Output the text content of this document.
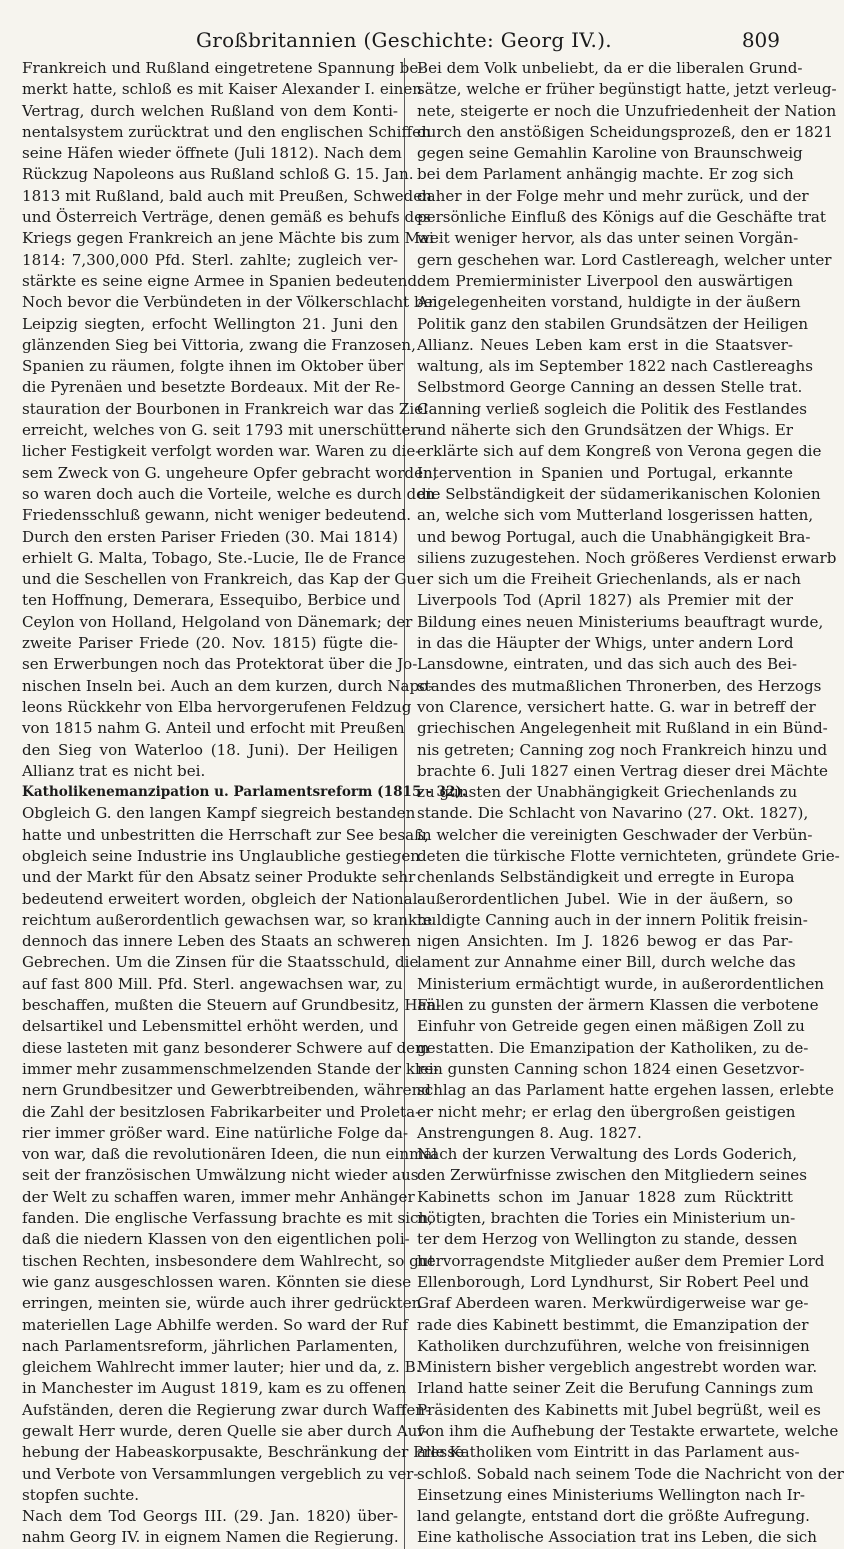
Großbritannien (Geschichte: Georg IV.).	809
Frankreich und Rußland eingetretene Spannung be-
merkt hatte, schloß es mit Kaiser Alexander I. einen
Vertrag, durch welchen Rußland von dem Konti-
nentalsystem zurücktrat und den englischen Schiffen
seine Häfen wieder öffnete (Juli 1812). Nach dem
Rückzug Napoleons aus Rußland schloß G. 15. Jan.
1813 mit Rußland, bald auch mit Preußen, Schweden
und Österreich Verträge, denen gemäß es behufs des
Kriegs gegen Frankreich an jene Mächte bis zum Mai
1814: 7,300,000 Pfd. Sterl. zahlte; zugleich ver-
stärkte es seine eigne Armee in Spanien bedeutend.
Noch bevor die Verbündeten in der Völkerschlacht bei
Leipzig siegten, erfocht Wellington 21. Juni den
glänzenden Sieg bei Vittoria, zwang die Franzosen,
Spanien zu räumen, folgte ihnen im Oktober über
die Pyrenäen und besetzte Bordeaux. Mit der Re-
stauration der Bourbonen in Frankreich war das Ziel
erreicht, welches von G. seit 1793 mit unerschütter-
licher Festigkeit verfolgt worden war. Waren zu die-
sem Zweck von G. ungeheure Opfer gebracht worden,
so waren doch auch die Vorteile, welche es durch den
Friedensschluß gewann, nicht weniger bedeutend.
Durch den ersten Pariser Frieden (30. Mai 1814)
erhielt G. Malta, Tobago, Ste.-Lucie, Ile de France
und die Seschellen von Frankreich, das Kap der Gu-
ten Hoffnung, Demerara, Essequibo, Berbice und
Ceylon von Holland, Helgoland von Dänemark; der
zweite Pariser Friede (20. Nov. 1815) fügte die-
sen Erwerbungen noch das Protektorat über die Jo-
nischen Inseln bei. Auch an dem kurzen, durch Napo-
leons Rückkehr von Elba hervorgerufenen Feldzug
von 1815 nahm G. Anteil und erfocht mit Preußen
den Sieg von Waterloo (18. Juni). Der Heiligen
Allianz trat es nicht bei.
Katholikenemanzipation u. Parlamentsreform (1815 - 32).
Obgleich G. den langen Kampf siegreich bestanden
hatte und unbestritten die Herrschaft zur See besaß,
obgleich seine Industrie ins Unglaubliche gestiegen
und der Markt für den Absatz seiner Produkte sehr
bedeutend erweitert worden, obgleich der National-
reichtum außerordentlich gewachsen war, so krankte
dennoch das innere Leben des Staats an schweren
Gebrechen. Um die Zinsen für die Staatsschuld, die
auf fast 800 Mill. Pfd. Sterl. angewachsen war, zu
beschaffen, mußten die Steuern auf Grundbesitz, Han-
delsartikel und Lebensmittel erhöht werden, und
diese lasteten mit ganz besonderer Schwere auf dem
immer mehr zusammenschmelzenden Stande der klei-
nern Grundbesitzer und Gewerbtreibenden, während
die Zahl der besitzlosen Fabrikarbeiter und Proleta-
rier immer größer ward. Eine natürliche Folge da-
von war, daß die revolutionären Ideen, die nun einmal
seit der französischen Umwälzung nicht wieder aus
der Welt zu schaffen waren, immer mehr Anhänger
fanden. Die englische Verfassung brachte es mit sich,
daß die niedern Klassen von den eigentlichen poli-
tischen Rechten, insbesondere dem Wahlrecht, so gut
wie ganz ausgeschlossen waren. Könnten sie diese
erringen, meinten sie, würde auch ihrer gedrückten
materiellen Lage Abhilfe werden. So ward der Ruf
nach Parlamentsreform, jährlichen Parlamenten,
gleichem Wahlrecht immer lauter; hier und da, z. B.
in Manchester im August 1819, kam es zu offenen
Aufständen, deren die Regierung zwar durch Waffen-
gewalt Herr wurde, deren Quelle sie aber durch Auf-
hebung der Habeaskorpusakte, Beschränkung der Presse
und Verbote von Versammlungen vergeblich zu ver-
stopfen suchte.
Nach dem Tod Georgs III. (29. Jan. 1820) über-
nahm Georg IV. in eignem Namen die Regierung.
Bei dem Volk unbeliebt, da er die liberalen Grund-
sätze, welche er früher begünstigt hatte, jetzt verleug-
nete, steigerte er noch die Unzufriedenheit der Nation
durch den anstößigen Scheidungsprozeß, den er 1821
gegen seine Gemahlin Karoline von Braunschweig
bei dem Parlament anhängig machte. Er zog sich
daher in der Folge mehr und mehr zurück, und der
persönliche Einfluß des Königs auf die Geschäfte trat
weit weniger hervor, als das unter seinen Vorgän-
gern geschehen war. Lord Castlereagh, welcher unter
dem Premierminister Liverpool den auswärtigen
Angelegenheiten vorstand, huldigte in der äußern
Politik ganz den stabilen Grundsätzen der Heiligen
Allianz. Neues Leben kam erst in die Staatsver-
waltung, als im September 1822 nach Castlereaghs
Selbstmord George Canning an dessen Stelle trat.
Canning verließ sogleich die Politik des Festlandes
und näherte sich den Grundsätzen der Whigs. Er
erklärte sich auf dem Kongreß von Verona gegen die
Intervention in Spanien und Portugal, erkannte
die Selbständigkeit der südamerikanischen Kolonien
an, welche sich vom Mutterland losgerissen hatten,
und bewog Portugal, auch die Unabhängigkeit Bra-
siliens zuzugestehen. Noch größeres Verdienst erwarb
er sich um die Freiheit Griechenlands, als er nach
Liverpools Tod (April 1827) als Premier mit der
Bildung eines neuen Ministeriums beauftragt wurde,
in das die Häupter der Whigs, unter andern Lord
Lansdowne, eintraten, und das sich auch des Bei-
standes des mutmaßlichen Thronerben, des Herzogs
von Clarence, versichert hatte. G. war in betreff der
griechischen Angelegenheit mit Rußland in ein Bünd-
nis getreten; Canning zog noch Frankreich hinzu und
brachte 6. Juli 1827 einen Vertrag dieser drei Mächte
zu gunsten der Unabhängigkeit Griechenlands zu
stande. Die Schlacht von Navarino (27. Okt. 1827),
in welcher die vereinigten Geschwader der Verbün-
deten die türkische Flotte vernichteten, gründete Grie-
chenlands Selbständigkeit und erregte in Europa
außerordentlichen Jubel. Wie in der äußern, so
huldigte Canning auch in der innern Politik freisin-
nigen Ansichten. Im J. 1826 bewog er das Par-
lament zur Annahme einer Bill, durch welche das
Ministerium ermächtigt wurde, in außerordentlichen
Fällen zu gunsten der ärmern Klassen die verbotene
Einfuhr von Getreide gegen einen mäßigen Zoll zu
gestatten. Die Emanzipation der Katholiken, zu de-
ren gunsten Canning schon 1824 einen Gesetzvor-
schlag an das Parlament hatte ergehen lassen, erlebte
er nicht mehr; er erlag den übergroßen geistigen
Anstrengungen 8. Aug. 1827.
Nach der kurzen Verwaltung des Lords Goderich,
den Zerwürfnisse zwischen den Mitgliedern seines
Kabinetts schon im Januar 1828 zum Rücktritt
nötigten, brachten die Tories ein Ministerium un-
ter dem Herzog von Wellington zu stande, dessen
hervorragendste Mitglieder außer dem Premier Lord
Ellenborough, Lord Lyndhurst, Sir Robert Peel und
Graf Aberdeen waren. Merkwürdigerweise war ge-
rade dies Kabinett bestimmt, die Emanzipation der
Katholiken durchzuführen, welche von freisinnigen
Ministern bisher vergeblich angestrebt worden war.
Irland hatte seiner Zeit die Berufung Cannings zum
Präsidenten des Kabinetts mit Jubel begrüßt, weil es
von ihm die Aufhebung der Testakte erwartete, welche
alle Katholiken vom Eintritt in das Parlament aus-
schloß. Sobald nach seinem Tode die Nachricht von der
Einsetzung eines Ministeriums Wellington nach Ir-
land gelangte, entstand dort die größte Aufregung.
Eine katholische Association trat ins Leben, die sich
